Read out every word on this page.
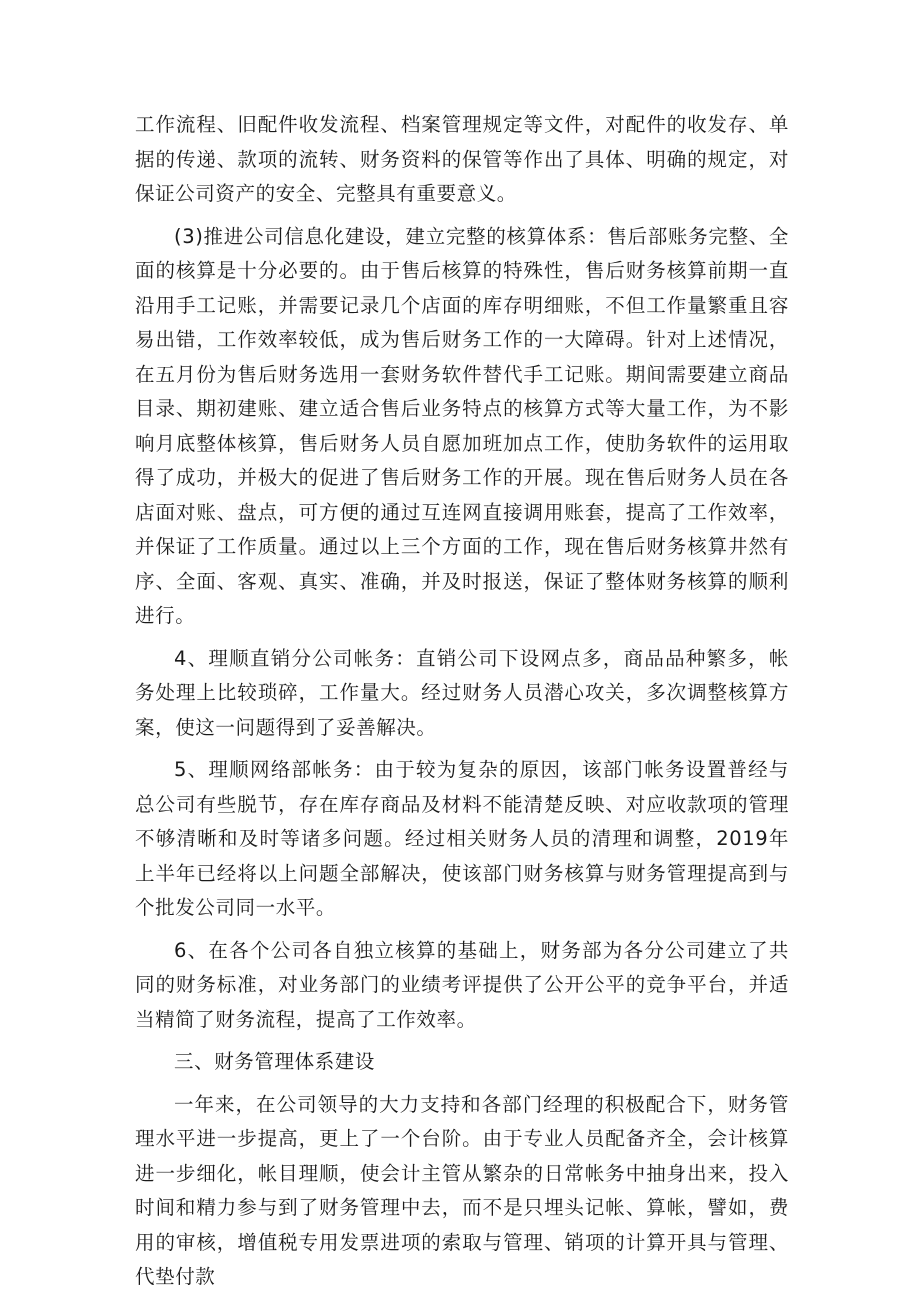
工作流程、旧配件收发流程、档案管理规定等文件，对配件的收发存、单据的传递、款项的流转、财务资料的保管等作出了具体、明确的规定，对保证公司资产的安全、完整具有重要意义。

(3)推进公司信息化建设，建立完整的核算体系：售后部账务完整、全面的核算是十分必要的。由于售后核算的特殊性，售后财务核算前期一直沿用手工记账，并需要记录几个店面的库存明细账，不但工作量繁重且容易出错，工作效率较低，成为售后财务工作的一大障碍。针对上述情况，在五月份为售后财务选用一套财务软件替代手工记账。期间需要建立商品目录、期初建账、建立适合售后业务特点的核算方式等大量工作，为不影响月底整体核算，售后财务人员自愿加班加点工作，使肋务软件的运用取得了成功，并极大的促进了售后财务工作的开展。现在售后财务人员在各店面对账、盘点，可方便的通过互连网直接调用账套，提高了工作效率，并保证了工作质量。通过以上三个方面的工作，现在售后财务核算井然有序、全面、客观、真实、准确，并及时报送，保证了整体财务核算的顺利进行。

4、理顺直销分公司帐务：直销公司下设网点多，商品品种繁多，帐务处理上比较琐碎，工作量大。经过财务人员潜心攻关，多次调整核算方案，使这一问题得到了妥善解决。

5、理顺网络部帐务：由于较为复杂的原因，该部门帐务设置普经与总公司有些脱节，存在库存商品及材料不能清楚反映、对应收款项的管理不够清晰和及时等诸多问题。经过相关财务人员的清理和调整，2019年上半年已经将以上问题全部解决，使该部门财务核算与财务管理提高到与个批发公司同一水平。

6、在各个公司各自独立核算的基础上，财务部为各分公司建立了共同的财务标准，对业务部门的业绩考评提供了公开公平的竞争平台，并适当精简了财务流程，提高了工作效率。

三、财务管理体系建设

一年来，在公司领导的大力支持和各部门经理的积极配合下，财务管理水平进一步提高，更上了一个台阶。由于专业人员配备齐全，会计核算进一步细化，帐目理顺，使会计主管从繁杂的日常帐务中抽身出来，投入时间和精力参与到了财务管理中去，而不是只埋头记帐、算帐，譬如，费用的审核，增值税专用发票进项的索取与管理、销项的计算开具与管理、代垫付款
